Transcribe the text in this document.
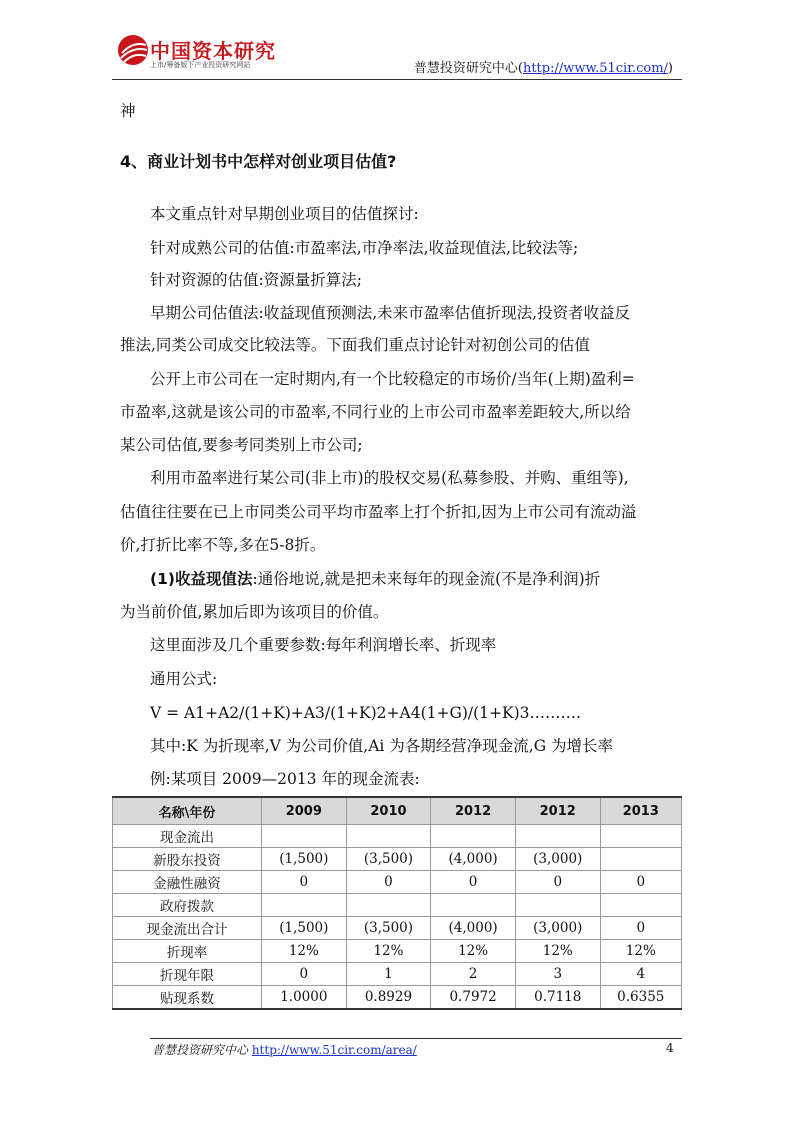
中国资本研究
上市/筹备版下产业投资研究网站	普慧投资研究中心(http://www.51cir.com/)
神
4、商业计划书中怎样对创业项目估值?
本文重点针对早期创业项目的估值探讨:
针对成熟公司的估值:市盈率法,市净率法,收益现值法,比较法等;
针对资源的估值:资源量折算法;
早期公司估值法:收益现值预测法,未来市盈率估值折现法,投资者收益反
推法,同类公司成交比较法等。下面我们重点讨论针对初创公司的估值
公开上市公司在一定时期内,有一个比较稳定的市场价/当年(上期)盈利=
市盈率,这就是该公司的市盈率,不同行业的上市公司市盈率差距较大,所以给
某公司估值,要参考同类别上市公司;
利用市盈率进行某公司(非上市)的股权交易(私募参股、并购、重组等),
估值往往要在已上市同类公司平均市盈率上打个折扣,因为上市公司有流动溢
价,打折比率不等,多在5-8折。
(1)收益现值法:通俗地说,就是把未来每年的现金流(不是净利润)折
为当前价值,累加后即为该项目的价值。
这里面涉及几个重要参数:每年利润增长率、折现率
通用公式:
V = A1+A2/(1+K)+A3/(1+K)2+A4(1+G)/(1+K)3……….
其中:K 为折现率,V 为公司价值,Ai 为各期经营净现金流,G 为增长率
例:某项目 2009—2013 年的现金流表:
名称\年份	2009	2010	2012	2012	2013
现金流出					
新股东投资	(1,500)	(3,500)	(4,000)	(3,000)	
金融性融资	0	0	0	0	0
政府拨款					
现金流出合计	(1,500)	(3,500)	(4,000)	(3,000)	0
折现率	12%	12%	12%	12%	12%
折现年限	0	1	2	3	4
贴现系数	1.0000	0.8929	0.7972	0.7118	0.6355
普慧投资研究中心 http://www.51cir.com/area/	4
